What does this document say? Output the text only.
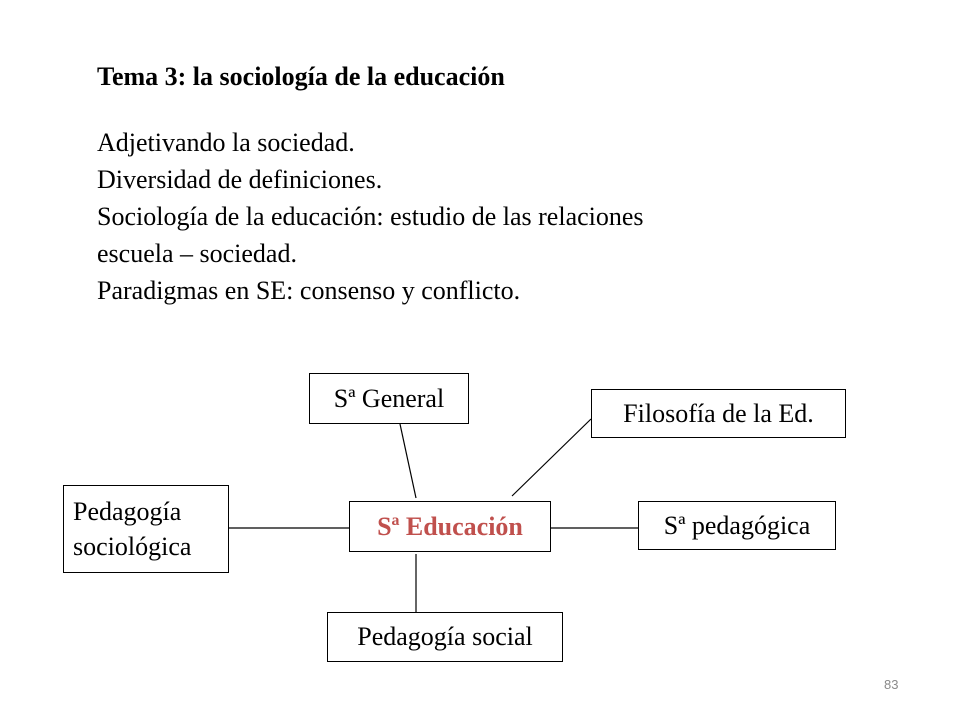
Tema 3: la sociología de la educación
Adjetivando la sociedad.
Diversidad de definiciones.
Sociología de la educación: estudio de las relaciones
escuela – sociedad.
Paradigmas en SE: consenso y conflicto.
Sª General
Filosofía de la Ed.
Pedagogía
sociológica
Sª Educación	Sª pedagógica
Pedagogía social
83
